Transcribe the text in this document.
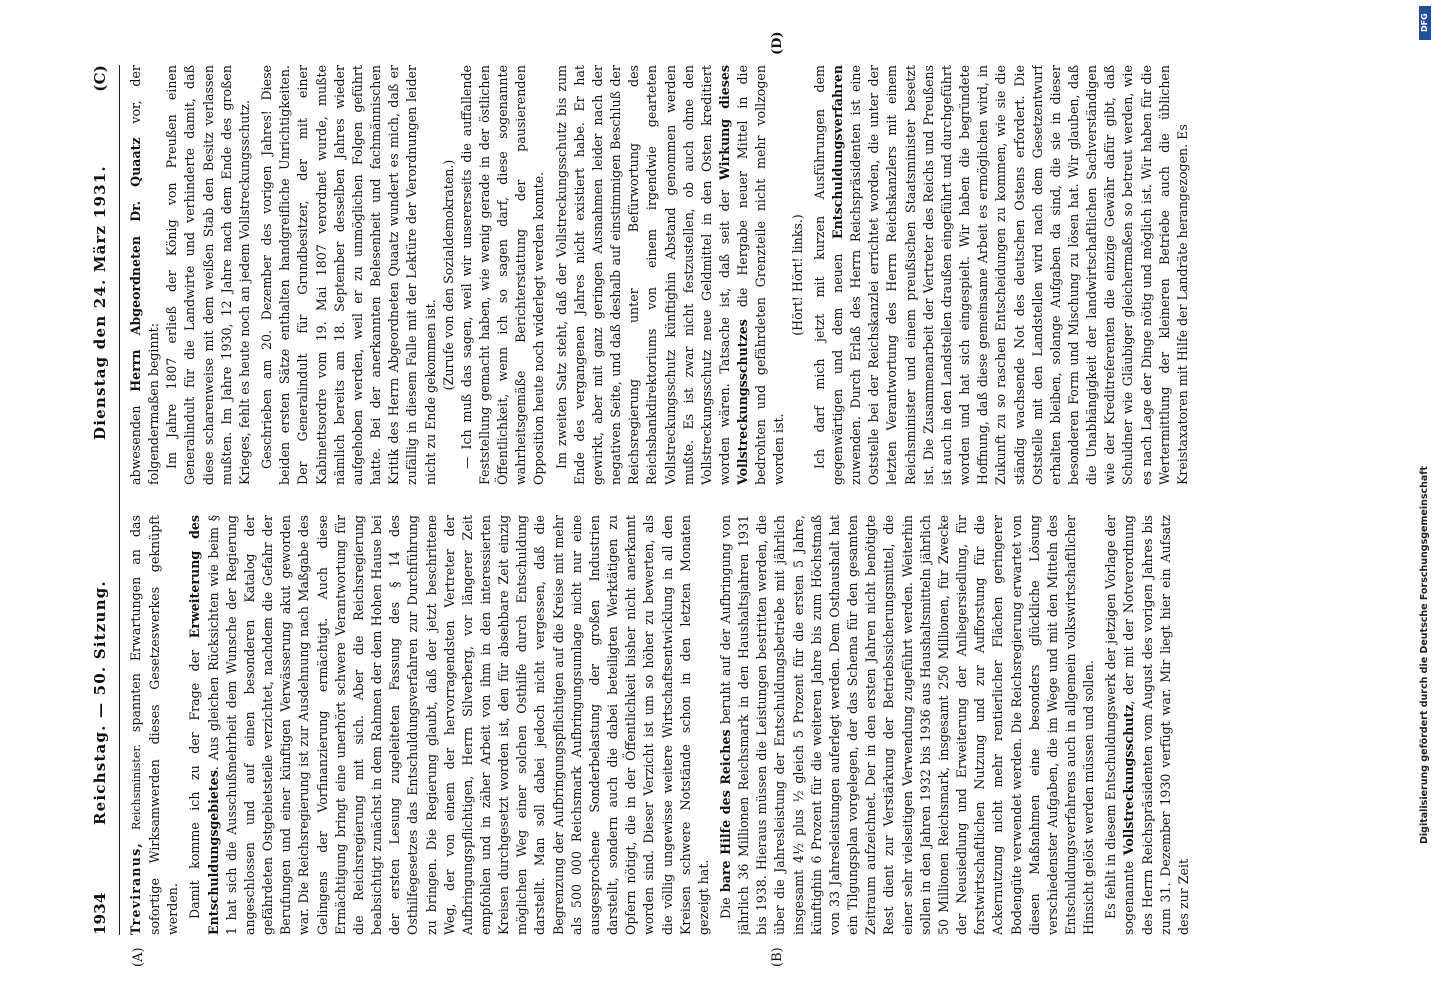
1934
Reichstag. — 50. Sitzung.
Dienstag den 24. März 1931.
(C)
(A)	(B)
(D)

Treviranus, Reichsminister. spannten Erwartungen an das sofortige Wirksamwerden dieses Gesetzeswerkes geknüpft werden. Damit komme ich zu der Frage der Erweiterung des Entschuldungsgebietes. Aus gleichen Rücksichten wie beim § 1 hat sich die Ausschußmehrheit dem Wunsche der Regierung angeschlossen und auf einen besonderen Katalog der gefährdeten Ostgebietsteile verzichtet, nachdem die Gefahr der Berufungen und einer künftigen Verwässerung akut geworden war. Die Reichsregierung ist zur Ausdehnung nach Maßgabe des Gelingens der Vorfinanzierung ermächtigt. Auch diese Ermächtigung bringt eine unerhört schwere Verantwortung für die Reichsregierung mit sich. Aber die Reichsregierung beabsichtigt zunächst in dem Rahmen der dem Hohen Hause bei der ersten Lesung zugeleiteten Fassung des § 14 des Osthilfegesetzes das Entschuldungsverfahren zur Durchführung zu bringen. Die Regierung glaubt, daß der jetzt beschrittene Weg, der von einem der hervorragendsten Vertreter der Aufbringungspflichtigen, Herrn Silverberg, vor längerer Zeit empfohlen und in zäher Arbeit von ihm in den interessierten Kreisen durchgesetzt worden ist, den für absehbare Zeit einzig möglichen Weg einer solchen Osthilfe durch Entschuldung darstellt. Man soll dabei jedoch nicht vergessen, daß die Begrenzung der Aufbringungspflichtigen auf die Kreise mit mehr als 500 000 Reichsmark Aufbringungsumlage nicht nur eine ausgesprochene Sonderbelastung der großen Industrien darstellt, sondern auch die dabei beteiligten Werktätigen zu Opfern nötigt, die in der Öffentlichkeit bisher nicht anerkannt worden sind. Dieser Verzicht ist um so höher zu bewerten, als die völlig ungewisse weitere Wirtschaftsentwicklung in all den Kreisen schwere Notstände schon in den letzten Monaten gezeigt hat. Die bare Hilfe des Reiches beruht auf der Aufbringung von jährlich 36 Millionen Reichsmark in den Haushaltsjahren 1931 bis 1938. Hieraus müssen die Leistungen bestritten werden, die über die Jahresleistung der Entschuldungsbetriebe mit jährlich insgesamt 4½ plus ½ gleich 5 Prozent für die ersten 5 Jahre, künftighin 6 Prozent für die weiteren Jahre bis zum Höchstmaß von 33 Jahresleistungen auferlegt werden. Dem Osthaushalt hat ein Tilgungsplan vorgelegen, der das Schema für den gesamten Zeitraum aufzeichnet. Der in den ersten Jahren nicht benötigte Rest dient zur Verstärkung der Betriebssicherungsmittel, die einer sehr vielseitigen Verwendung zugeführt werden. Weiterhin sollen in den Jahren 1932 bis 1936 aus Haushaltsmitteln jährlich 50 Millionen Reichsmark, insgesamt 250 Millionen, für Zwecke der Neusiedlung und Erweiterung der Anliegersiedlung, für forstwirtschaftlichen Nutzung und zur Aufforstung für die Ackernutzung nicht mehr rentierlicher Flächen geringerer Bodengüte verwendet werden. Die Reichsregierung erwartet von diesen Maßnahmen eine besonders glückliche Lösung verschiedenster Aufgaben, die im Wege und mit den Mitteln des Entschuldungsverfahrens auch in allgemein volkswirtschaftlicher Hinsicht gelöst werden müssen und sollen. Es fehlt in diesem Entschuldungswerk der jetzigen Vorlage der sogenannte Vollstreckungsschutz, der mit der Notverordnung des Herrn Reichspräsidenten vom August des vorigen Jahres bis zum 31. Dezember 1930 verfügt war. Mir liegt hier ein Aufsatz des zur Zeit

abwesenden Herrn Abgeordneten Dr. Quaatz vor, der folgendermaßen beginnt: Im Jahre 1807 erließ der König von Preußen einen Generalindult für die Landwirte und verhinderte damit, daß diese scharenweise mit dem weißen Stab den Besitz verlassen mußten. Im Jahre 1930, 12 Jahre nach dem Ende des großen Krieges, fehlt es heute noch an jedem Vollstreckungsschutz. Geschrieben am 20. Dezember des vorigen Jahres! Diese beiden ersten Sätze enthalten handgreifliche Unrichtigkeiten. Der Generalindult für Grundbesitzer, der mit einer Kabinettsordre vom 19. Mai 1807 verordnet wurde, mußte nämlich bereits am 18. September desselben Jahres wieder aufgehoben werden, weil er zu unmöglichen Folgen geführt hatte. Bei der anerkannten Belesenheit und fachmännischen Kritik des Herrn Abgeordneten Quaatz wundert es mich, daß er zufällig in diesem Falle mit der Lektüre der Verordnungen leider nicht zu Ende gekommen ist.

(Zurufe von den Sozialdemokraten.) — Ich muß das sagen, weil wir unsererseits die auffallende Feststellung gemacht haben, wie wenig gerade in der östlichen Öffentlichkeit, wenn ich so sagen darf, diese sogenannte wahrheitsgemäße Berichterstattung der pausierenden Opposition heute noch widerlegt werden konnte. Im zweiten Satz steht, daß der Vollstreckungsschutz bis zum Ende des vergangenen Jahres nicht existiert habe. Er hat gewirkt, aber mit ganz geringen Ausnahmen leider nach der negativen Seite, und daß deshalb auf einstimmigen Beschluß der Reichsregierung unter Befürwortung des Reichsbankdirektoriums von einem irgendwie gearteten Vollstreckungsschutz künftighin Abstand genommen werden mußte. Es ist zwar nicht festzustellen, ob auch ohne den Vollstreckungsschutz neue Geldmittel in den Osten kreditiert worden wären. Tatsache ist, daß seit der Wirkung dieses Vollstreckungsschutzes die Hergabe neuer Mittel in die bedrohten und gefährdeten Grenzteile nicht mehr vollzogen worden ist.

(Hört! Hört! links.) Ich darf mich jetzt mit kurzen Ausführungen dem gegenwärtigen und dem neuen Entschuldungsverfahren zuwenden. Durch Erlaß des Herrn Reichspräsidenten ist eine Oststelle bei der Reichskanzlei errichtet worden, die unter der letzten Verantwortung des Herrn Reichskanzlers mit einem Reichsminister und einem preußischen Staatsminister besetzt ist. Die Zusammenarbeit der Vertreter des Reichs und Preußens ist auch in den Landstellen draußen eingeführt und durchgeführt worden und hat sich eingespielt. Wir haben die begründete Hoffnung, daß diese gemeinsame Arbeit es ermöglichen wird, in Zukunft zu so raschen Entscheidungen zu kommen, wie sie die ständig wachsende Not des deutschen Ostens erfordert. Die Oststelle mit den Landstellen wird nach dem Gesetzentwurf erhalten bleiben, solange Aufgaben da sind, die sie in dieser besonderen Form und Mischung zu lösen hat. Wir glauben, daß die Unabhängigkeit der landwirtschaftlichen Sachverständigen wie der Kreditreferenten die einzige Gewähr dafür gibt, daß Schuldner wie Gläubiger gleichermaßen so betreut werden, wie es nach Lage der Dinge nötig und möglich ist. Wir haben für die Wertermittlung der kleineren Betriebe auch die üblichen Kreistaxatoren mit Hilfe der Landräte herangezogen. Es

DFG
Digitalisierung gefördert durch die Deutsche Forschungsgemeinschaft
